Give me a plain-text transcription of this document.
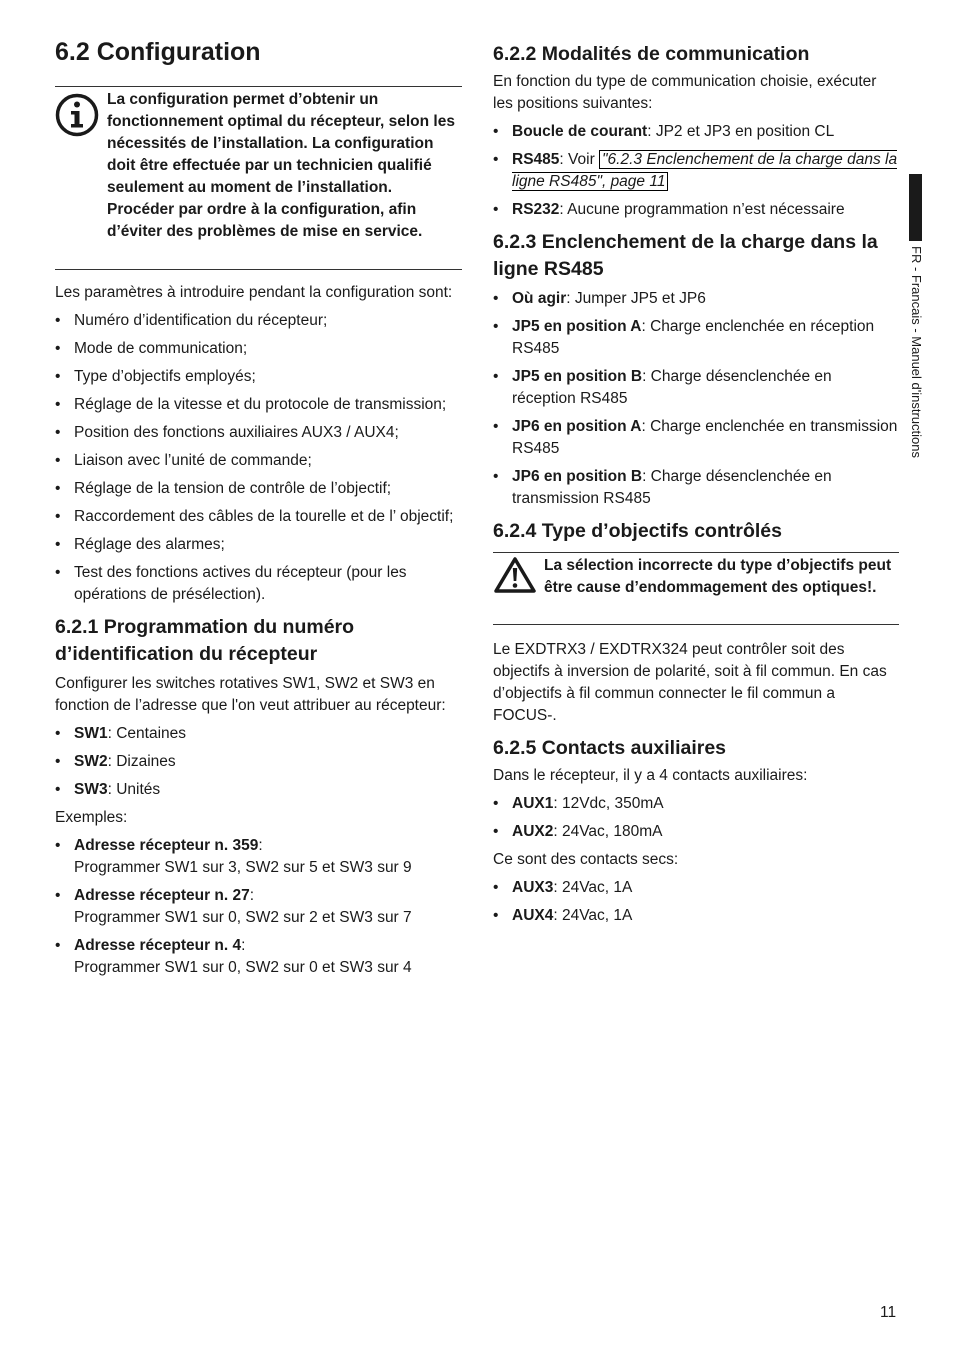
6.2 Configuration
La configuration permet d’obtenir un fonctionnement optimal du récepteur, selon les nécessités de l’installation. La configuration doit être effectuée par un technicien qualifié seulement au moment de l’installation. Procéder par ordre à la configuration, afin d’éviter des problèmes de mise en service.

Les paramètres à introduire pendant la configuration sont:

• Numéro d’identification du récepteur;
• Mode de communication;
• Type d’objectifs employés;
• Réglage de la vitesse et du protocole de transmission;
• Position des fonctions auxiliaires AUX3 / AUX4;
• Liaison avec l’unité de commande;
• Réglage de la tension de contrôle de l’objectif;
• Raccordement des câbles de la tourelle et de l’ objectif;
• Réglage des alarmes;
• Test des fonctions actives du récepteur (pour les opérations de présélection).
6.2.1 Programmation du numéro d’identification du récepteur

Configurer les switches rotatives SW1, SW2 et SW3 en fonction de l’adresse que l'on veut attribuer au récepteur:

• SW1: Centaines
• SW2: Dizaines
• SW3: Unités

Exemples:

• Adresse récepteur n. 359:
Programmer SW1 sur 3, SW2 sur 5 et SW3 sur 9
• Adresse récepteur n. 27:
Programmer SW1 sur 0, SW2 sur 2 et SW3 sur 7
• Adresse récepteur n. 4:
Programmer SW1 sur 0, SW2 sur 0 et SW3 sur 4
6.2.2 Modalités de communication

En fonction du type de communication choisie, exécuter les positions suivantes:

• Boucle de courant: JP2 et JP3 en position CL
• RS485: Voir "6.2.3 Enclenchement de la charge dans la ligne RS485", page 11
• RS232: Aucune programmation n’est nécessaire
6.2.3 Enclenchement de la charge dans la ligne RS485
• Où agir: Jumper JP5 et JP6
• JP5 en position A: Charge enclenchée en réception RS485
• JP5 en position B: Charge désenclenchée en réception RS485
• JP6 en position A: Charge enclenchée en transmission RS485
• JP6 en position B: Charge désenclenchée en transmission RS485
6.2.4 Type d’objectifs contrôlés
La sélection incorrecte du type d’objectifs peut être cause d’endommagement des optiques!.

Le EXDTRX3 / EXDTRX324 peut contrôler soit des objectifs à inversion de polarité, soit à fil commun. En cas d’objectifs à fil commun connecter le fil commun a FOCUS-.

6.2.5 Contacts auxiliaires

Dans le récepteur, il y a 4 contacts auxiliaires:

• AUX1: 12Vdc, 350mA
• AUX2: 24Vac, 180mA

Ce sont des contacts secs:

• AUX3: 24Vac, 1A
• AUX4: 24Vac, 1A
FR - Francais - Manuel d'instructions
11
